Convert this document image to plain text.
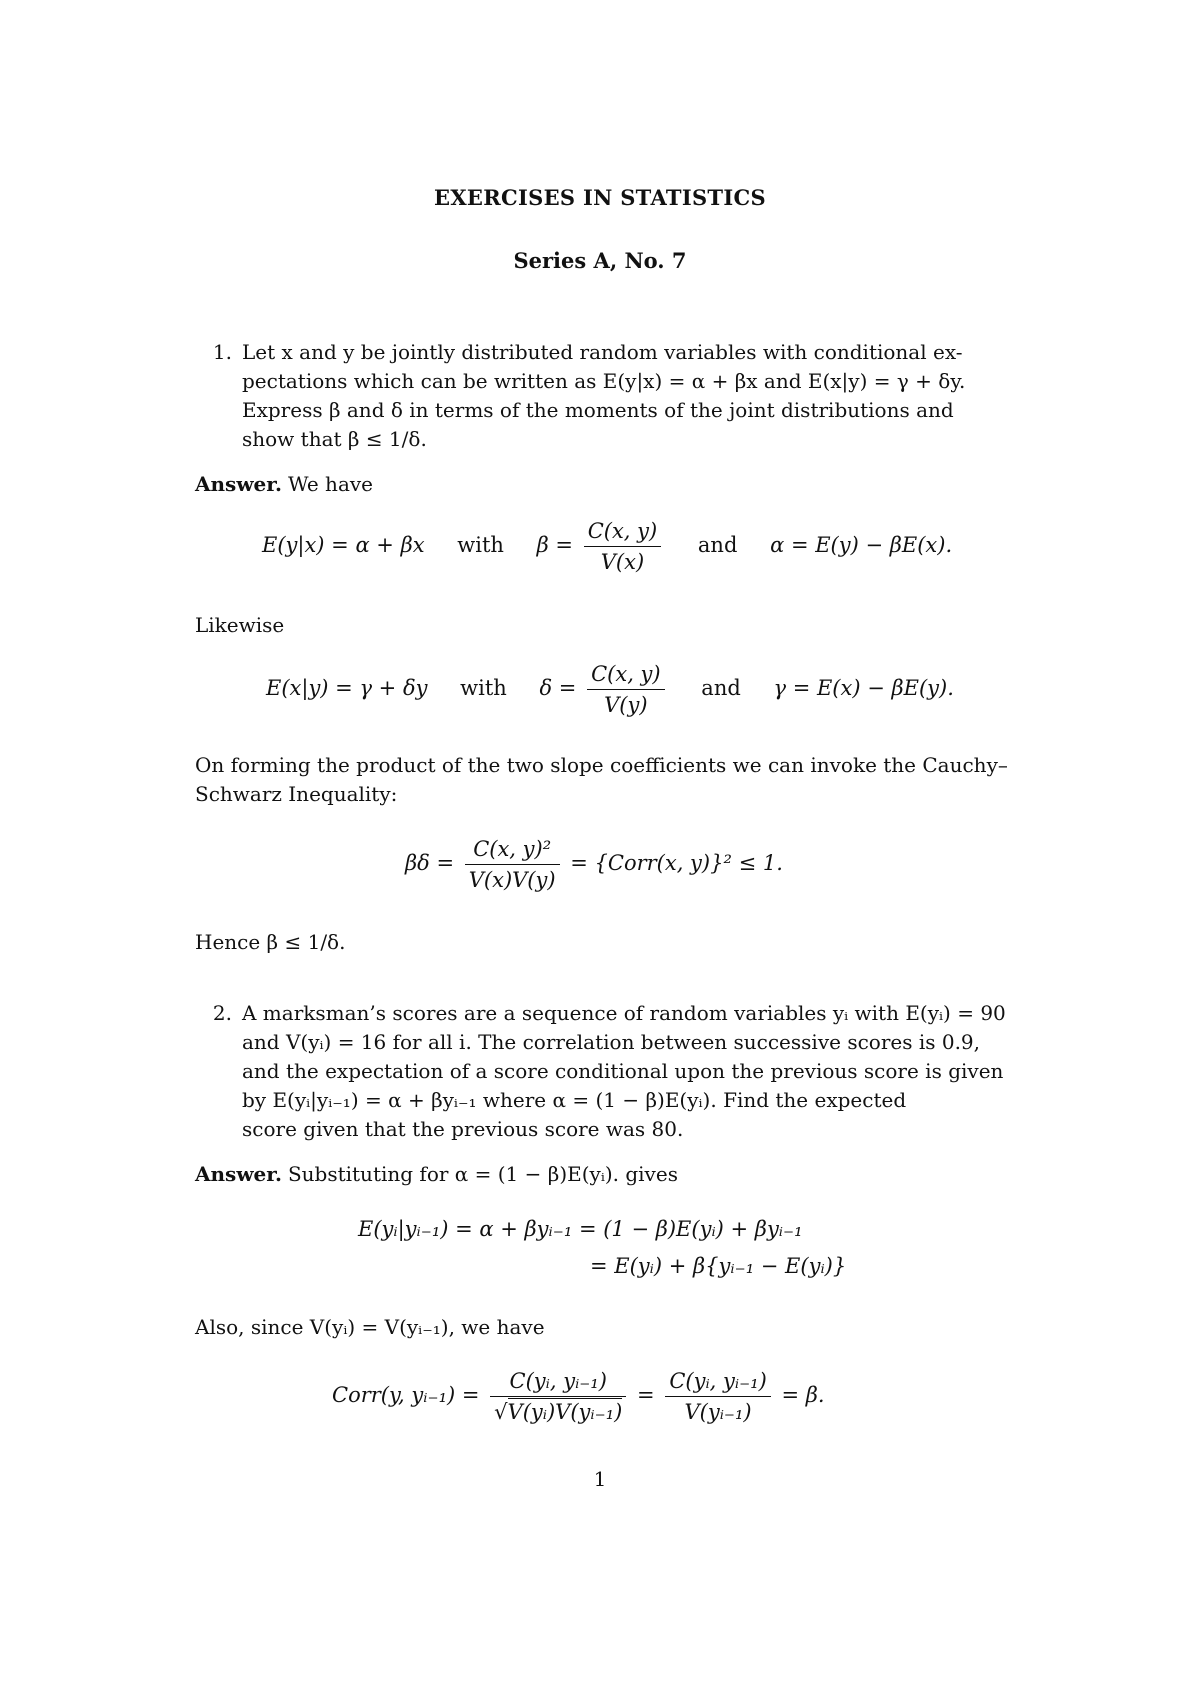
EXERCISES IN STATISTICS
Series A, No. 7
1. Let x and y be jointly distributed random variables with conditional ex-
pectations which can be written as E(y|x) = α + βx and E(x|y) = γ + δy.
Express β and δ in terms of the moments of the joint distributions and
show that β ≤ 1/δ.
Answer. We have
E(y|x) = α + βx with $\beta = \frac{C(x, y)}{V(x)}$ and α = E(y) − βE(x).
Likewise
E(x|y) = γ + δy with $\delta = \frac{C(x, y)}{V(y)}$ and γ = E(x) − βE(y).
On forming the product of the two slope coefficients we can invoke the Cauchy–
Schwarz Inequality:
$\beta\delta = \frac{\text{C(x, y)²}}{V(x)V(y)}$ = {Corr(x, y)}² ≤ 1.
Hence β ≤ 1/δ.
2. A marksman’s scores are a sequence of random variables yᵢ with E(yᵢ) = 90
and V(yᵢ) = 16 for all i. The correlation between successive scores is 0.9,
and the expectation of a score conditional upon the previous score is given
by E(yᵢ|yᵢ₋₁) = α + βyᵢ₋₁ where α = (1 − β)E(yᵢ). Find the expected
score given that the previous score was 80.
Answer. Substituting for α = (1 − β)E(yᵢ). gives
E(yᵢ|yᵢ₋₁) = α + βyᵢ₋₁ = (1 − β)E(yᵢ) + βyᵢ₋₁
= E(yᵢ) + β{yᵢ₋₁ − E(yᵢ)}
Also, since V(yᵢ) = V(yᵢ₋₁), we have
Corr(y, yᵢ₋₁) = $\frac{\text{C(yᵢ, yᵢ₋₁)}}{\text{√V(yᵢ)V(yᵢ₋₁)}} = \frac{\text{C(yᵢ, yᵢ₋₁)}}{\text{V(yᵢ₋₁)}} = \beta$.
1
